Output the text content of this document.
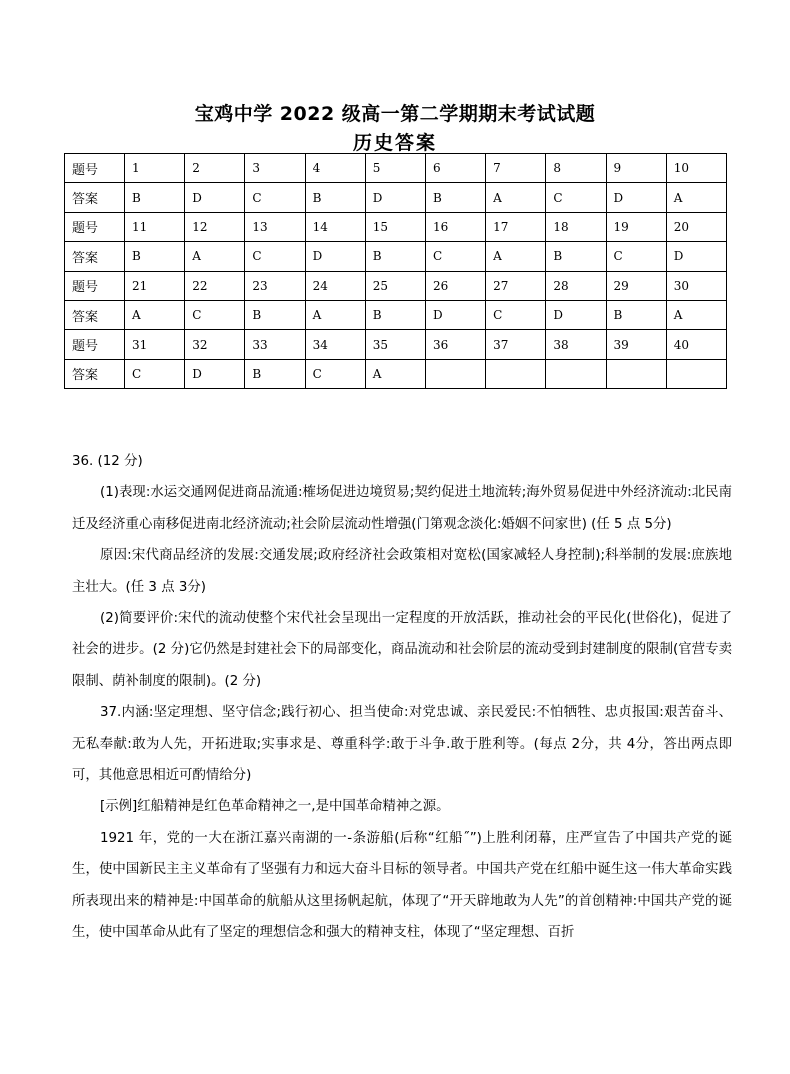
宝鸡中学 2022 级高一第二学期期末考试试题
历史答案
题号	1	2	3	4	5	6	7	8	9	10
答案	B	D	C	B	D	B	A	C	D	A
题号	11	12	13	14	15	16	17	18	19	20
答案	B	A	C	D	B	C	A	B	C	D
题号	21	22	23	24	25	26	27	28	29	30
答案	A	C	B	A	B	D	C	D	B	A
题号	31	32	33	34	35	36	37	38	39	40
答案	C	D	B	C	A					

36. (12 分)

(1)表现:水运交通网促进商品流通:榷场促进边境贸易;契约促进土地流转;海外贸易促进中外经济流动:北民南迁及经济重心南移促进南北经济流动;社会阶层流动性增强(门第观念淡化:婚姻不问家世) (任 5 点 5分)

原因:宋代商品经济的发展:交通发展;政府经济社会政策相对宽松(国家减轻人身控制);科举制的发展:庶族地主壮大。(任 3 点 3分)

(2)简要评价:宋代的流动使整个宋代社会呈现出一定程度的开放活跃，推动社会的平民化(世俗化)，促进了社会的进步。(2 分)它仍然是封建社会下的局部变化，商品流动和社会阶层的流动受到封建制度的限制(官营专卖限制、荫补制度的限制)。(2 分)

37.内涵:坚定理想、坚守信念;践行初心、担当使命:对党忠诚、亲民爱民:不怕牺牲、忠贞报国:艰苦奋斗、无私奉献:敢为人先，开拓进取;实事求是、尊重科学:敢于斗争.敢于胜利等。(每点 2分，共 4分，答出两点即可，其他意思相近可酌情给分)

[示例]红船精神是红色革命精神之一,是中国革命精神之源。

1921 年，党的一大在浙江嘉兴南湖的一-条游船(后称“红船˝”)上胜利闭幕，庄严宣告了中国共产党的诞生，使中国新民主主义革命有了坚强有力和远大奋斗目标的领导者。中国共产党在红船中诞生这一伟大革命实践所表现出来的精神是:中国革命的航船从这里扬帆起航，体现了“开天辟地敢为人先”的首创精神:中国共产党的诞生，使中国革命从此有了坚定的理想信念和强大的精神支柱，体现了“坚定理想、百折
